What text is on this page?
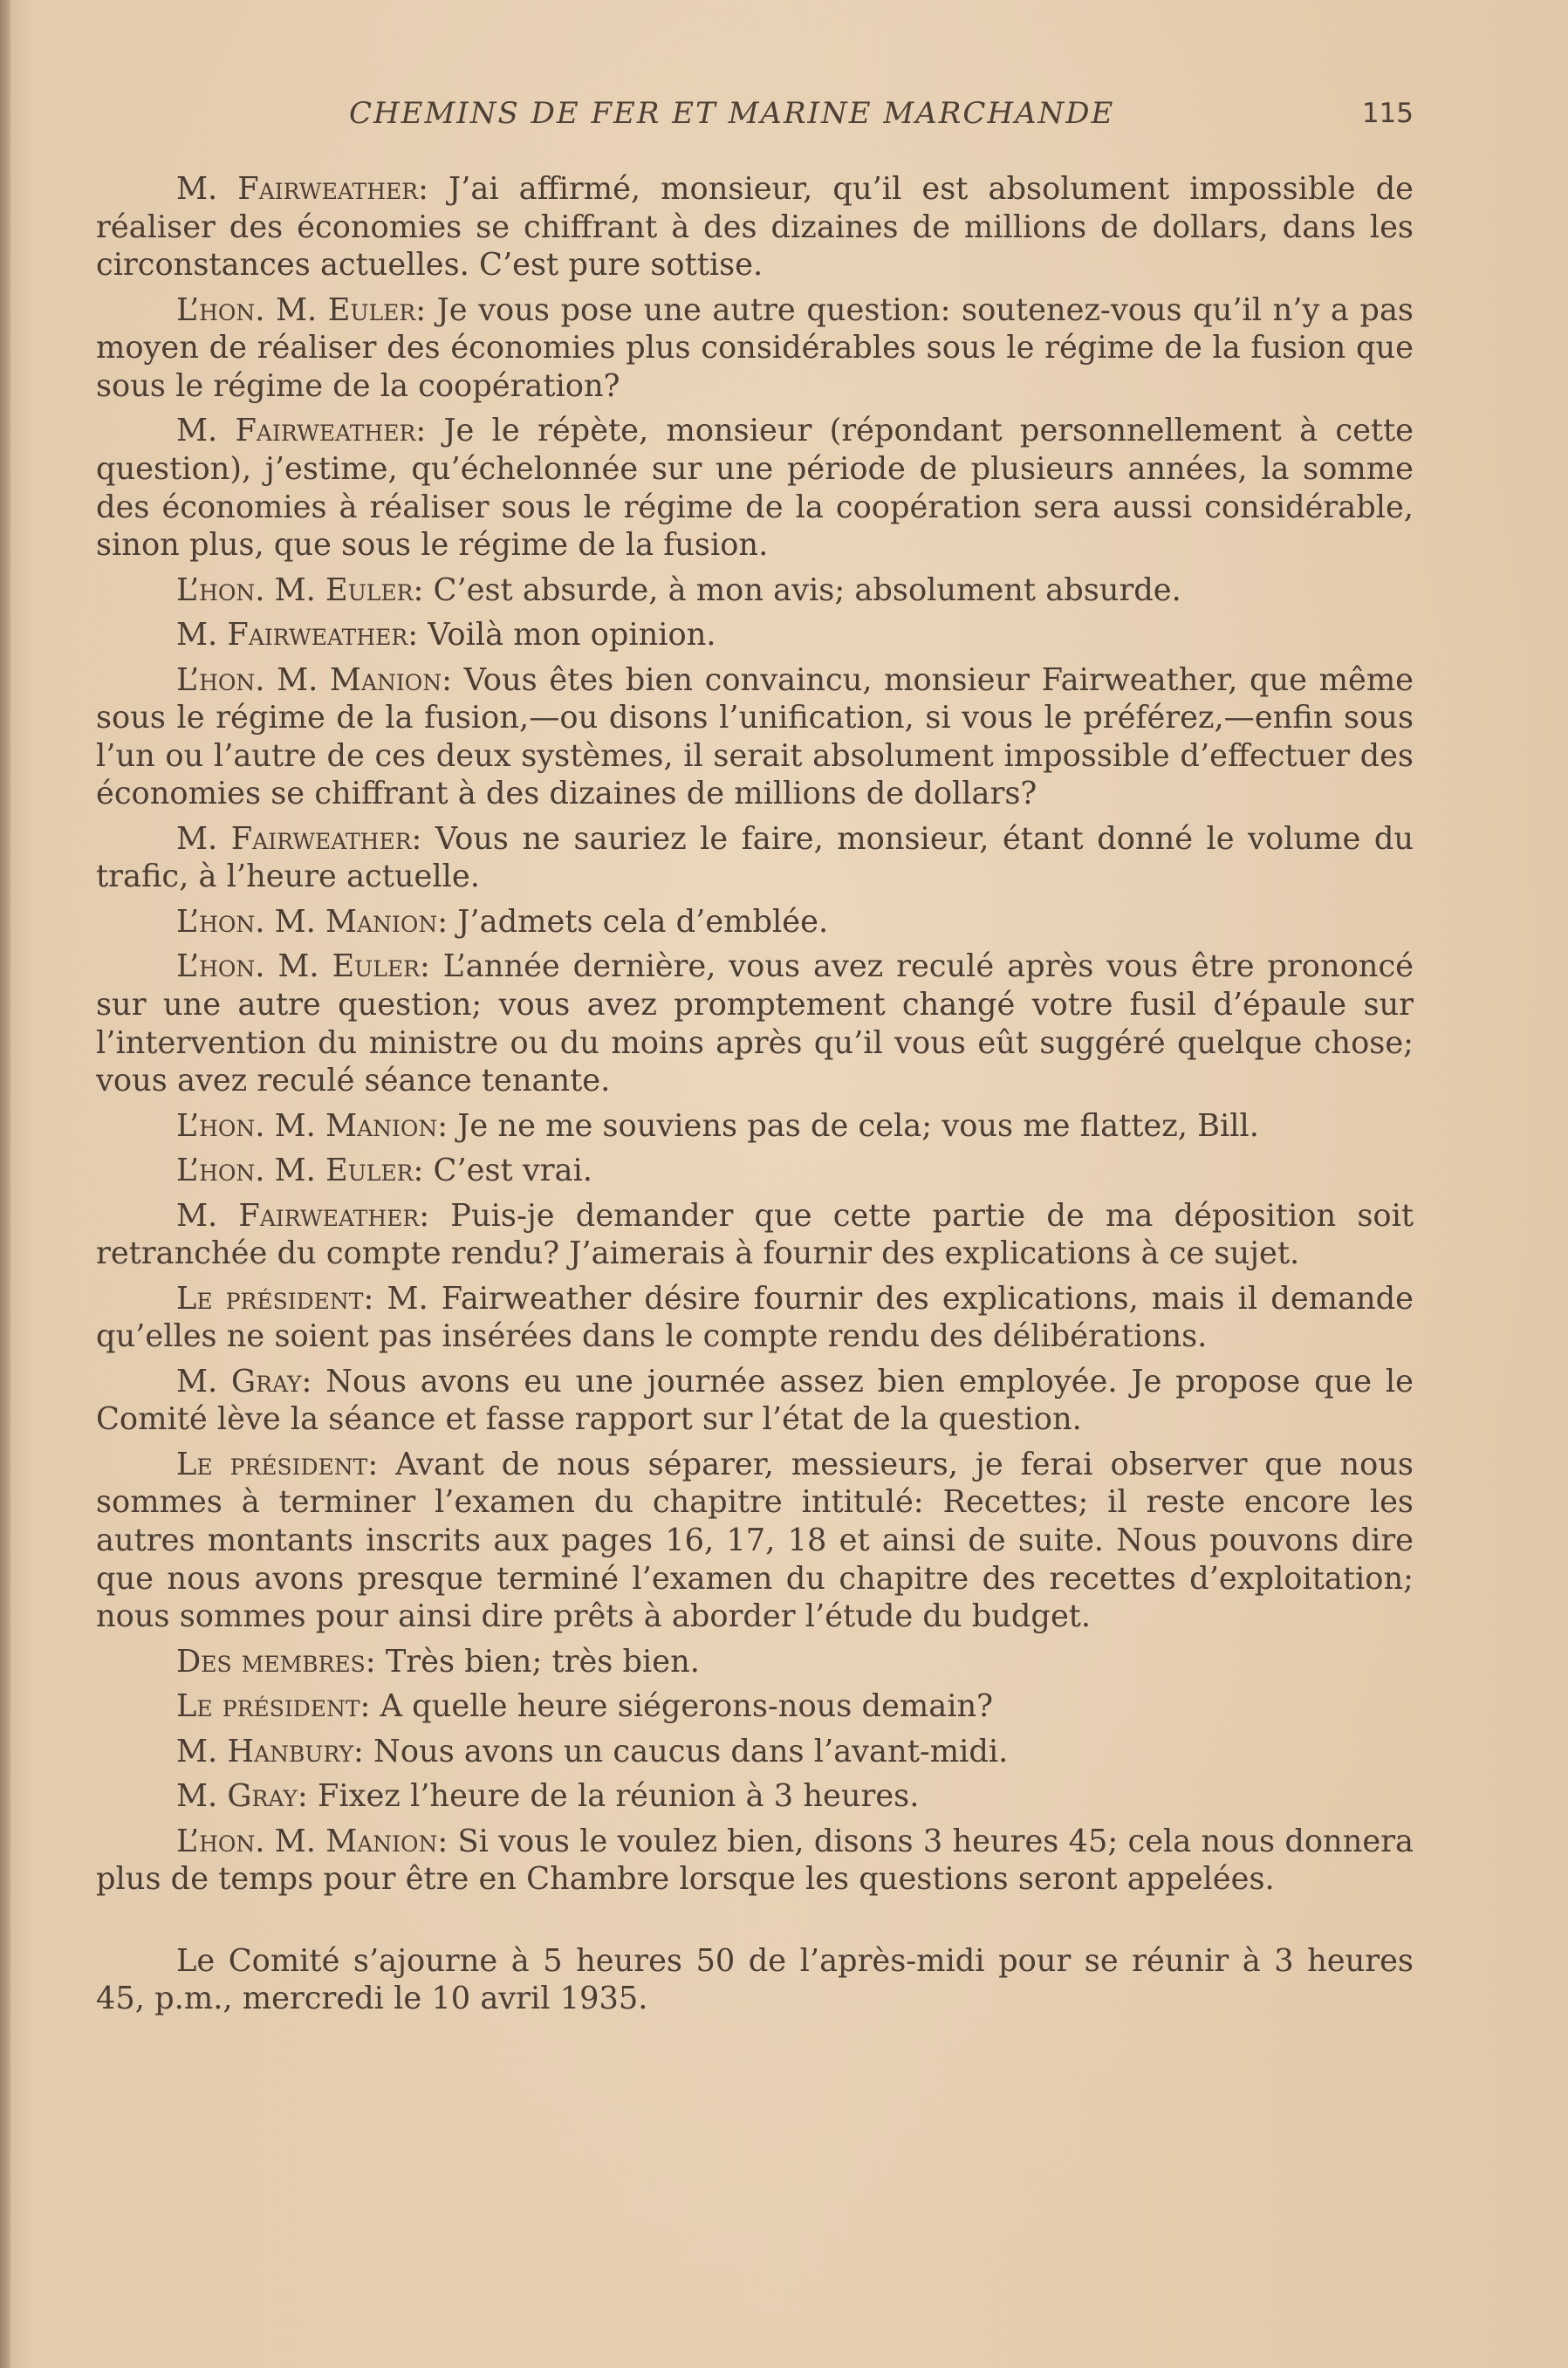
CHEMINS DE FER ET MARINE MARCHANDE	115

M. Fairweather: J’ai affirmé, monsieur, qu’il est absolument impossible de réaliser des économies se chiffrant à des dizaines de millions de dollars, dans les circonstances actuelles. C’est pure sottise.

L’hon. M. Euler: Je vous pose une autre question: soutenez-vous qu’il n’y a pas moyen de réaliser des économies plus considérables sous le régime de la fusion que sous le régime de la coopération?

M. Fairweather: Je le répète, monsieur (répondant personnellement à cette question), j’estime, qu’échelonnée sur une période de plusieurs années, la somme des économies à réaliser sous le régime de la coopération sera aussi considérable, sinon plus, que sous le régime de la fusion.

L’hon. M. Euler: C’est absurde, à mon avis; absolument absurde.

M. Fairweather: Voilà mon opinion.

L’hon. M. Manion: Vous êtes bien convaincu, monsieur Fairweather, que même sous le régime de la fusion,—ou disons l’unification, si vous le préférez,—enfin sous l’un ou l’autre de ces deux systèmes, il serait absolument impossible d’effectuer des économies se chiffrant à des dizaines de millions de dollars?

M. Fairweather: Vous ne sauriez le faire, monsieur, étant donné le volume du trafic, à l’heure actuelle.

L’hon. M. Manion: J’admets cela d’emblée.

L’hon. M. Euler: L’année dernière, vous avez reculé après vous être prononcé sur une autre question; vous avez promptement changé votre fusil d’épaule sur l’intervention du ministre ou du moins après qu’il vous eût suggéré quelque chose; vous avez reculé séance tenante.

L’hon. M. Manion: Je ne me souviens pas de cela; vous me flattez, Bill.

L’hon. M. Euler: C’est vrai.

M. Fairweather: Puis-je demander que cette partie de ma déposition soit retranchée du compte rendu? J’aimerais à fournir des explications à ce sujet.

Le président: M. Fairweather désire fournir des explications, mais il demande qu’elles ne soient pas insérées dans le compte rendu des délibérations.

M. Gray: Nous avons eu une journée assez bien employée. Je propose que le Comité lève la séance et fasse rapport sur l’état de la question.

Le président: Avant de nous séparer, messieurs, je ferai observer que nous sommes à terminer l’examen du chapitre intitulé: Recettes; il reste encore les autres montants inscrits aux pages 16, 17, 18 et ainsi de suite. Nous pouvons dire que nous avons presque terminé l’examen du chapitre des recettes d’exploitation; nous sommes pour ainsi dire prêts à aborder l’étude du budget.

Des membres: Très bien; très bien.

Le président: A quelle heure siégerons-nous demain?

M. Hanbury: Nous avons un caucus dans l’avant-midi.

M. Gray: Fixez l’heure de la réunion à 3 heures.

L’hon. M. Manion: Si vous le voulez bien, disons 3 heures 45; cela nous donnera plus de temps pour être en Chambre lorsque les questions seront appelées.

Le Comité s’ajourne à 5 heures 50 de l’après-midi pour se réunir à 3 heures 45, p.m., mercredi le 10 avril 1935.
